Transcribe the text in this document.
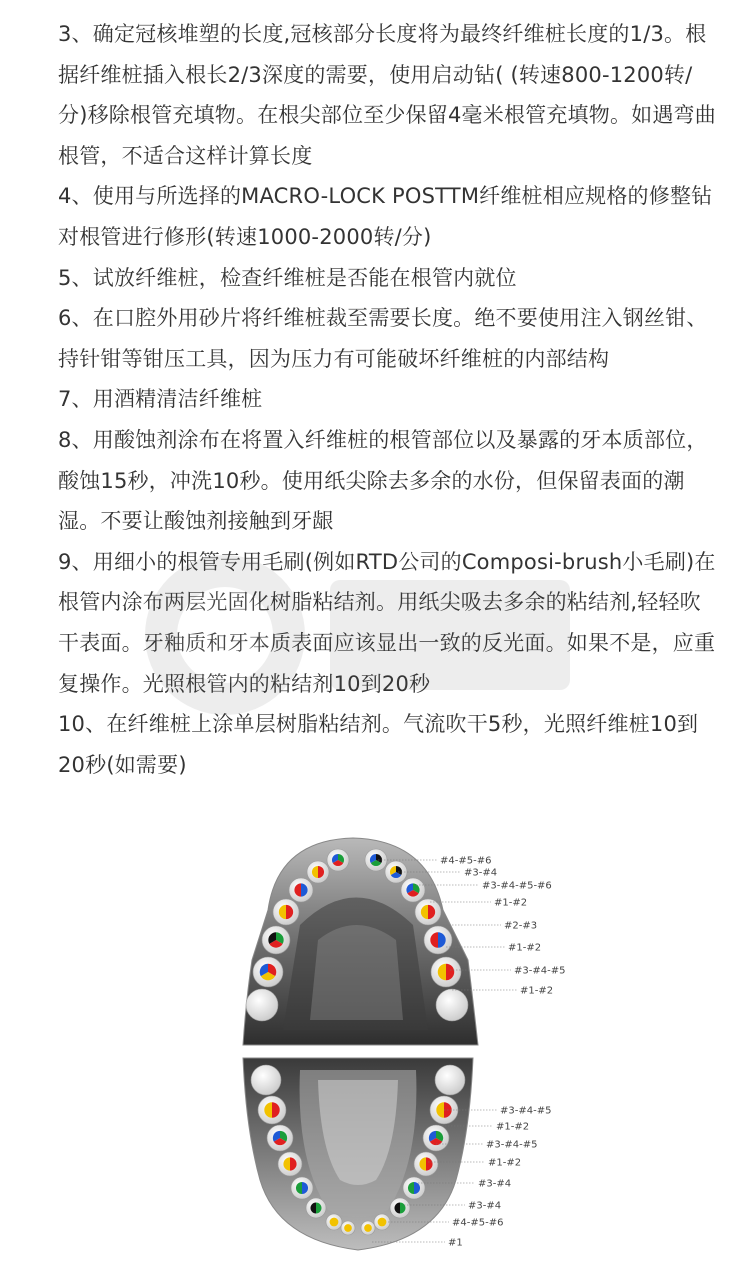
3、确定冠核堆塑的长度,冠核部分长度将为最终纤维桩长度的1/3。根据纤维桩插入根长2/3深度的需要，使用启动钻( (转速800-1200转/分)移除根管充填物。在根尖部位至少保留4毫米根管充填物。如遇弯曲根管，不适合这样计算长度

4、使用与所选择的MACRO-LOCK POSTTM纤维桩相应规格的修整钻对根管进行修形(转速1000-2000转/分)

5、试放纤维桩，检查纤维桩是否能在根管内就位

6、在口腔外用砂片将纤维桩裁至需要长度。绝不要使用注入钢丝钳、持针钳等钳压工具，因为压力有可能破坏纤维桩的内部结构

7、用酒精清洁纤维桩

8、用酸蚀剂涂布在将置入纤维桩的根管部位以及暴露的牙本质部位，酸蚀15秒，冲洗10秒。使用纸尖除去多余的水份，但保留表面的潮湿。不要让酸蚀剂接触到牙龈

9、用细小的根管专用毛刷(例如RTD公司的Composi-brush小毛刷)在根管内涂布两层光固化树脂粘结剂。用纸尖吸去多余的粘结剂,轻轻吹干表面。牙釉质和牙本质表面应该显出一致的反光面。如果不是，应重复操作。光照根管内的粘结剂10到20秒

10、在纤维桩上涂单层树脂粘结剂。气流吹干5秒，光照纤维桩10到20秒(如需要)

#4-#5-#6
#3-#4
#3-#4-#5-#6
#1-#2
#2-#3
#1-#2
#3-#4-#5
#1-#2
#3-#4-#5
#1-#2
#3-#4-#5
#1-#2
#3-#4
#3-#4
#4-#5-#6
#1
